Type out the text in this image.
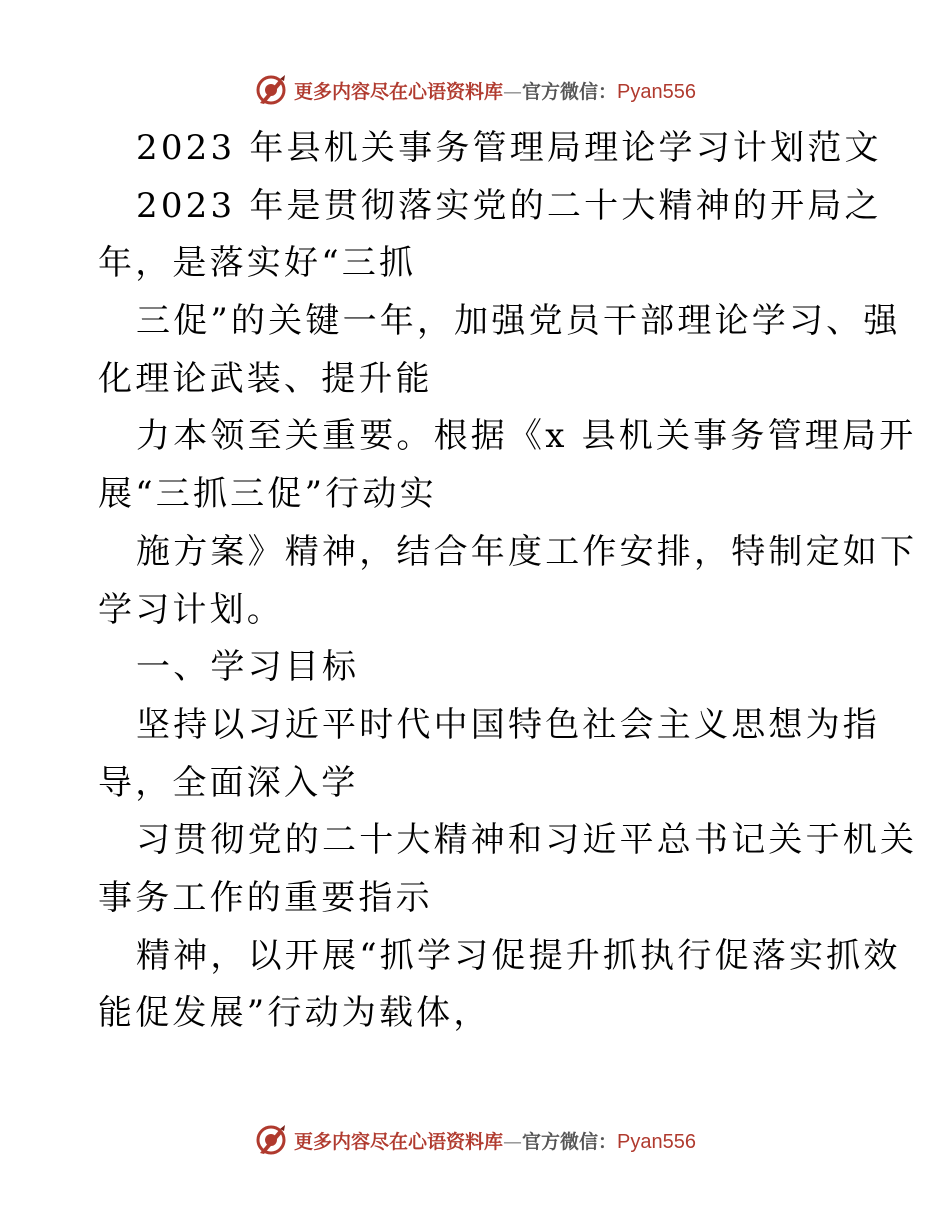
更多内容尽在心语资料库 — 官方微信： Pyan556
2023 年县机关事务管理局理论学习计划范文
2023 年是贯彻落实党的二十大精神的开局之
年，是落实好“三抓
三促”的关键一年，加强党员干部理论学习、强
化理论武装、提升能
力本领至关重要。根据《x 县机关事务管理局开
展“三抓三促”行动实
施方案》精神，结合年度工作安排，特制定如下
学习计划。
一、学习目标
坚持以习近平时代中国特色社会主义思想为指
导，全面深入学
习贯彻党的二十大精神和习近平总书记关于机关
事务工作的重要指示
精神，以开展“抓学习促提升抓执行促落实抓效
能促发展”行动为载体，
更多内容尽在心语资料库 — 官方微信： Pyan556
